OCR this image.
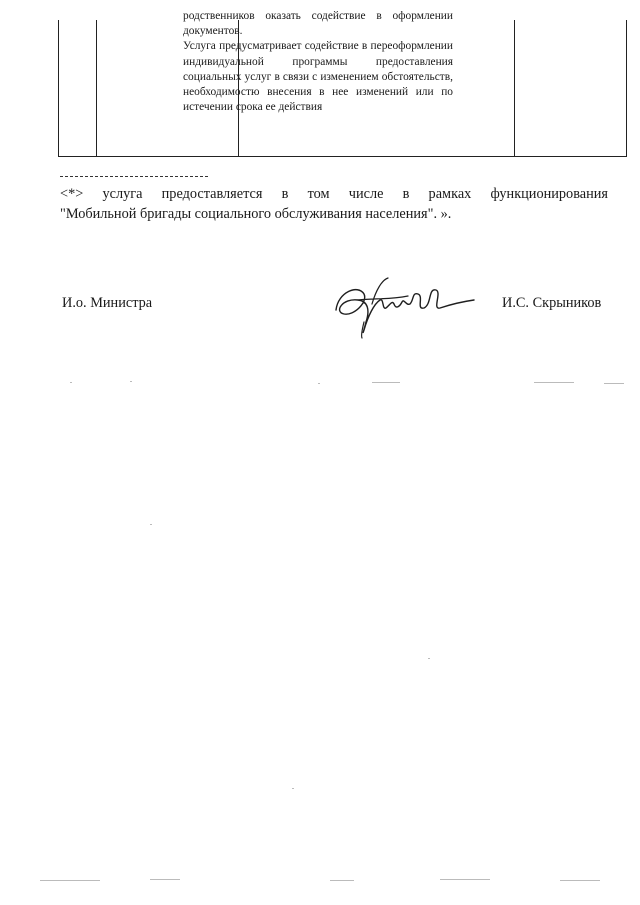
родственников оказать содействие в оформлении документов.
Услуга предусматривает содействие в переоформлении индивидуальной программы предоставления социальных услуг в связи с изменением обстоятельств, необходимостю внесения в нее изменений или по истечении срока ее действия
<*> услуга предоставляется в том числе в рамках функционирования
"Мобильной бригады социального обслуживания населения". ».
И.о. Министра	И.С. Скрыников
